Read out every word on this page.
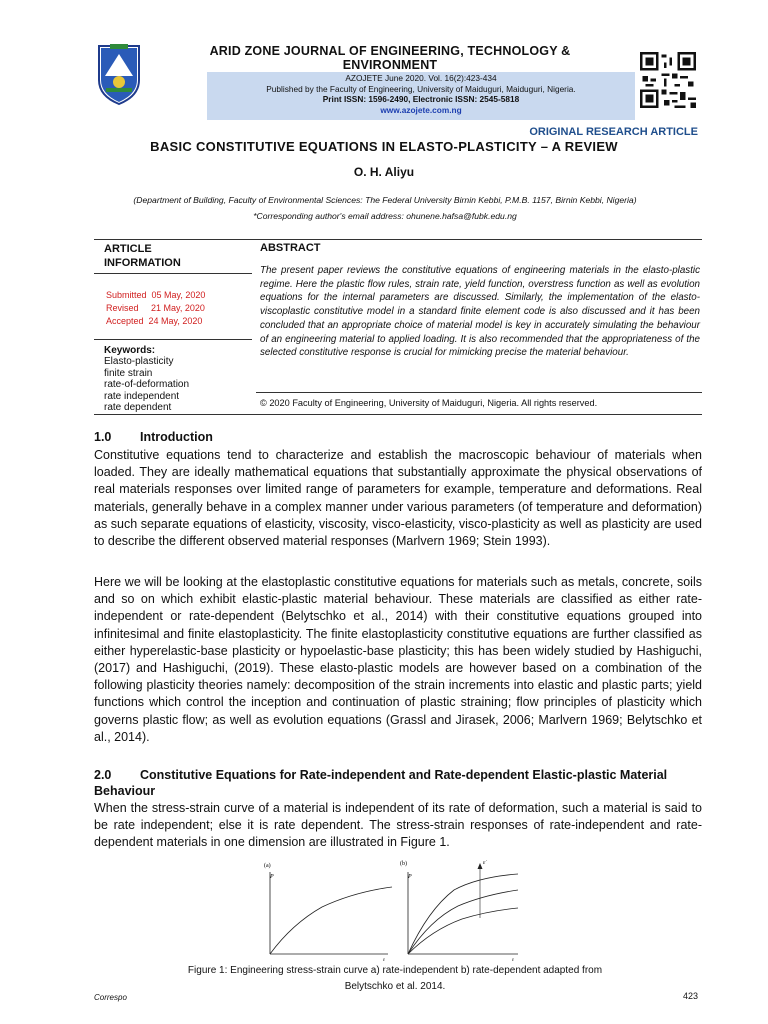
ARID ZONE JOURNAL OF ENGINEERING, TECHNOLOGY &
ENVIRONMENT
AZOJETE June 2020. Vol. 16(2):423-434
Published by the Faculty of Engineering, University of Maiduguri, Maiduguri, Nigeria.
Print ISSN: 1596-2490, Electronic ISSN: 2545-5818
www.azojete.com.ng
ORIGINAL RESEARCH ARTICLE
BASIC CONSTITUTIVE EQUATIONS IN ELASTO-PLASTICITY – A REVIEW
O. H. Aliyu
(Department of Building, Faculty of Environmental Sciences: The Federal University Birnin Kebbi, P.M.B. 1157, Birnin Kebbi, Nigeria)
*Corresponding author's email address: ohunene.hafsa@fubk.edu.ng
ARTICLE
INFORMATION
Submitted  05 May, 2020
Revised     21 May, 2020
Accepted  24 May, 2020
Keywords:
Elasto-plasticity
finite strain
rate-of-deformation
rate independent
rate dependent
ABSTRACT
The present paper reviews the constitutive equations of engineering materials in the elasto-plastic regime. Here the plastic flow rules, strain rate, yield function, overstress function as well as evolution equations for the internal parameters are discussed. Similarly, the implementation of the elasto-viscoplastic constitutive model in a standard finite element code is also discussed and it has been concluded that an appropriate choice of material model is key in accurately simulating the behaviour of an engineering material to applied loading. It is also recommended that the appropriateness of the selected constitutive response is crucial for mimicking precise the material behaviour.
© 2020 Faculty of Engineering, University of Maiduguri, Nigeria. All rights reserved.
1.0 Introduction
Constitutive equations tend to characterize and establish the macroscopic behaviour of materials when loaded. They are ideally mathematical equations that substantially approximate the physical observations of real materials responses over limited range of parameters for example, temperature and deformations. Real materials, generally behave in a complex manner under various parameters (of temperature and deformation) as such separate equations of elasticity, viscosity, visco-elasticity, visco-plasticity as well as plasticity are used to describe the different observed material responses (Marlvern 1969; Stein 1993).
Here we will be looking at the elastoplastic constitutive equations for materials such as metals, concrete, soils and so on which exhibit elastic-plastic material behaviour. These materials are classified as either rate-independent or rate-dependent (Belytschko et al., 2014) with their constitutive equations grouped into infinitesimal and finite elastoplasticity. The finite elastoplasticity constitutive equations are further classified as either hyperelastic-base plasticity or hypoelastic-base plasticity; this has been widely studied by Hashiguchi, (2017) and Hashiguchi, (2019). These elasto-plastic models are however based on a combination of the following plasticity theories namely: decomposition of the strain increments into elastic and plastic parts; yield functions which control the inception and continuation of plastic straining; flow principles of plasticity which governs plastic flow; as well as evolution equations (Grassl and Jirasek, 2006; Marlvern 1969; Belytschko et al., 2014).
2.0 Constitutive Equations for Rate-independent and Rate-dependent Elastic-plastic Material Behaviour
When the stress-strain curve of a material is independent of its rate of deformation, such a material is said to be rate independent; else it is rate dependent. The stress-strain responses of rate-independent and rate-dependent materials in one dimension are illustrated in Figure 1.
(a)
P
ε
(b)
P
ε̇
ε
Figure 1: Engineering stress-strain curve a) rate-independent b) rate-dependent adapted from
Belytschko et al. 2014.
Correspo	423
